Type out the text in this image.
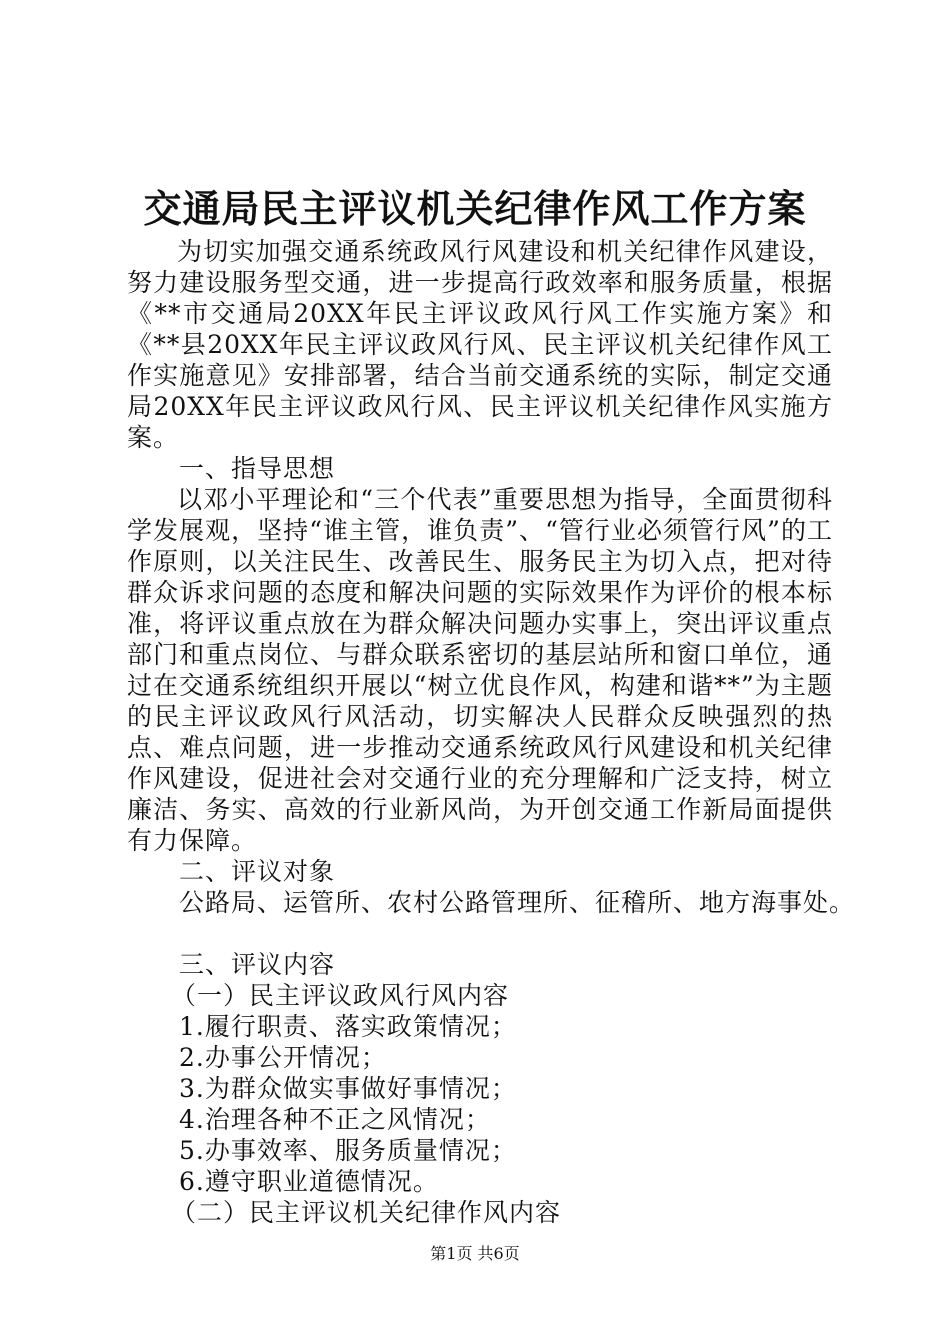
交通局民主评议机关纪律作风工作方案

为切实加强交通系统政风行风建设和机关纪律作风建设，努力建设服务型交通，进一步提高行政效率和服务质量，根据《**市交通局20XX年民主评议政风行风工作实施方案》和《**县20XX年民主评议政风行风、民主评议机关纪律作风工作实施意见》安排部署，结合当前交通系统的实际，制定交通局20XX年民主评议政风行风、民主评议机关纪律作风实施方案。

一、指导思想

以邓小平理论和“三个代表”重要思想为指导，全面贯彻科学发展观，坚持“谁主管，谁负责”、“管行业必须管行风”的工作原则，以关注民生、改善民生、服务民主为切入点，把对待群众诉求问题的态度和解决问题的实际效果作为评价的根本标准，将评议重点放在为群众解决问题办实事上，突出评议重点部门和重点岗位、与群众联系密切的基层站所和窗口单位，通过在交通系统组织开展以“树立优良作风，构建和谐**”为主题的民主评议政风行风活动，切实解决人民群众反映强烈的热点、难点问题，进一步推动交通系统政风行风建设和机关纪律作风建设，促进社会对交通行业的充分理解和广泛支持，树立廉洁、务实、高效的行业新风尚，为开创交通工作新局面提供有力保障。

二、评议对象

公路局、运管所、农村公路管理所、征稽所、地方海事处。

三、评议内容

（一）民主评议政风行风内容

1.履行职责、落实政策情况；

2.办事公开情况；

3.为群众做实事做好事情况；

4.治理各种不正之风情况；

5.办事效率、服务质量情况；

6.遵守职业道德情况。

（二）民主评议机关纪律作风内容

第1页 共6页
